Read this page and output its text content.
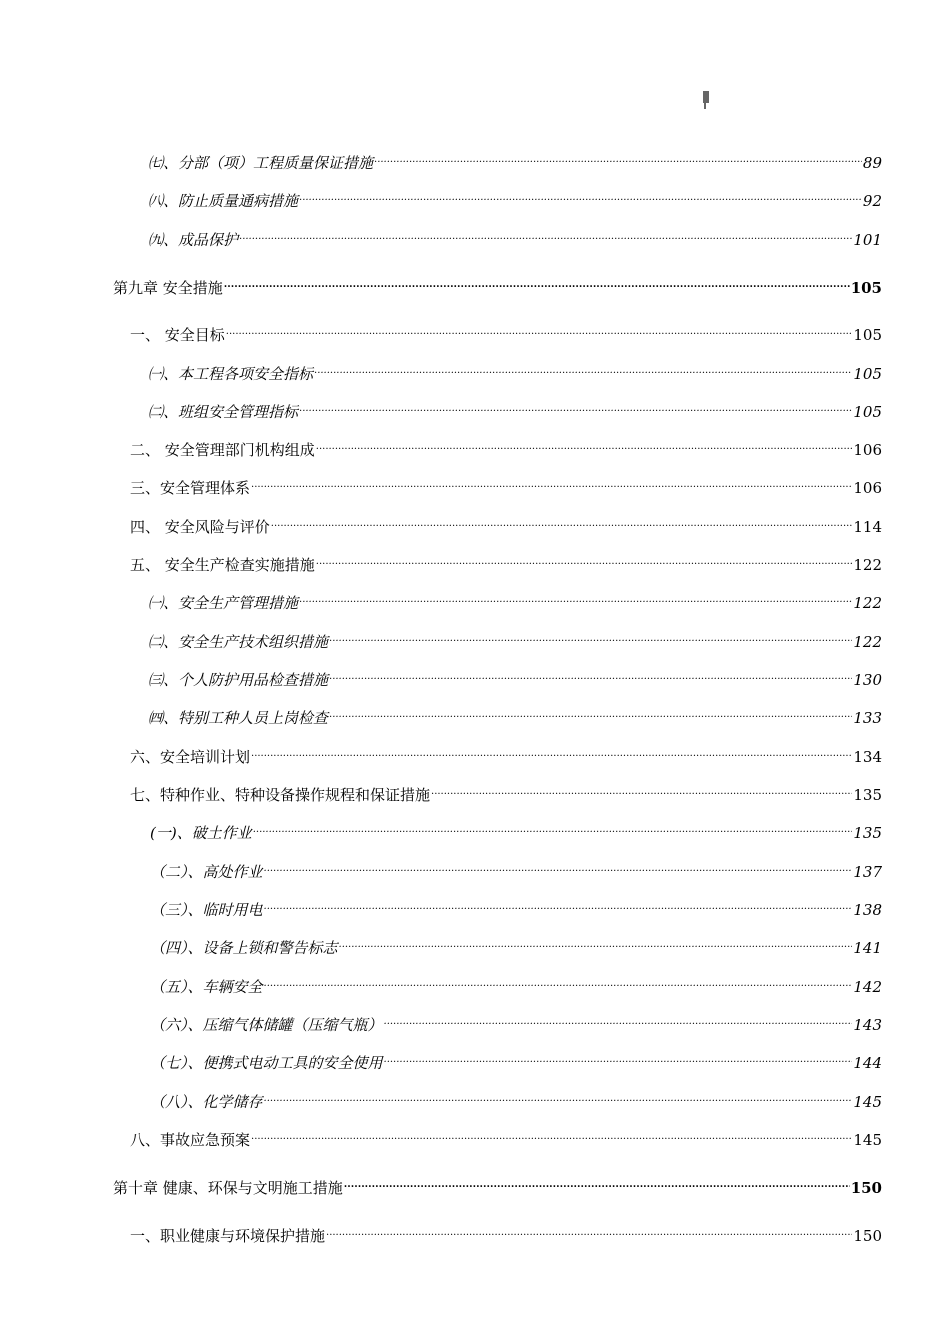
㈦、分部（项）工程质量保证措施 .....	89
㈧、防止质量通病措施 .....	92
㈨、成品保护 .....	101
第九章 安全措施 .....	105
一、 安全目标 .....	105
㈠、本工程各项安全指标 .....	105
㈡、班组安全管理指标 .....	105
二、 安全管理部门机构组成 .....	106
三、安全管理体系 .....	106
四、 安全风险与评价 .....	114
五、 安全生产检查实施措施 .....	122
㈠、安全生产管理措施 .....	122
㈡、安全生产技术组织措施 .....	122
㈢、个人防护用品检查措施 .....	130
㈣、特别工种人员上岗检查 .....	133
六、安全培训计划 .....	134
七、特种作业、特种设备操作规程和保证措施 .....	135
(一)、破土作业 .....	135
（二）、高处作业 .....	137
（三）、临时用电 .....	138
（四）、设备上锁和警告标志 .....	141
（五）、车辆安全 .....	142
（六）、压缩气体储罐（压缩气瓶） .....	143
（七）、便携式电动工具的安全使用 .....	144
（八）、化学储存 .....	145
八、事故应急预案 .....	145
第十章 健康、环保与文明施工措施 .....	150
一、职业健康与环境保护措施 .....	150
